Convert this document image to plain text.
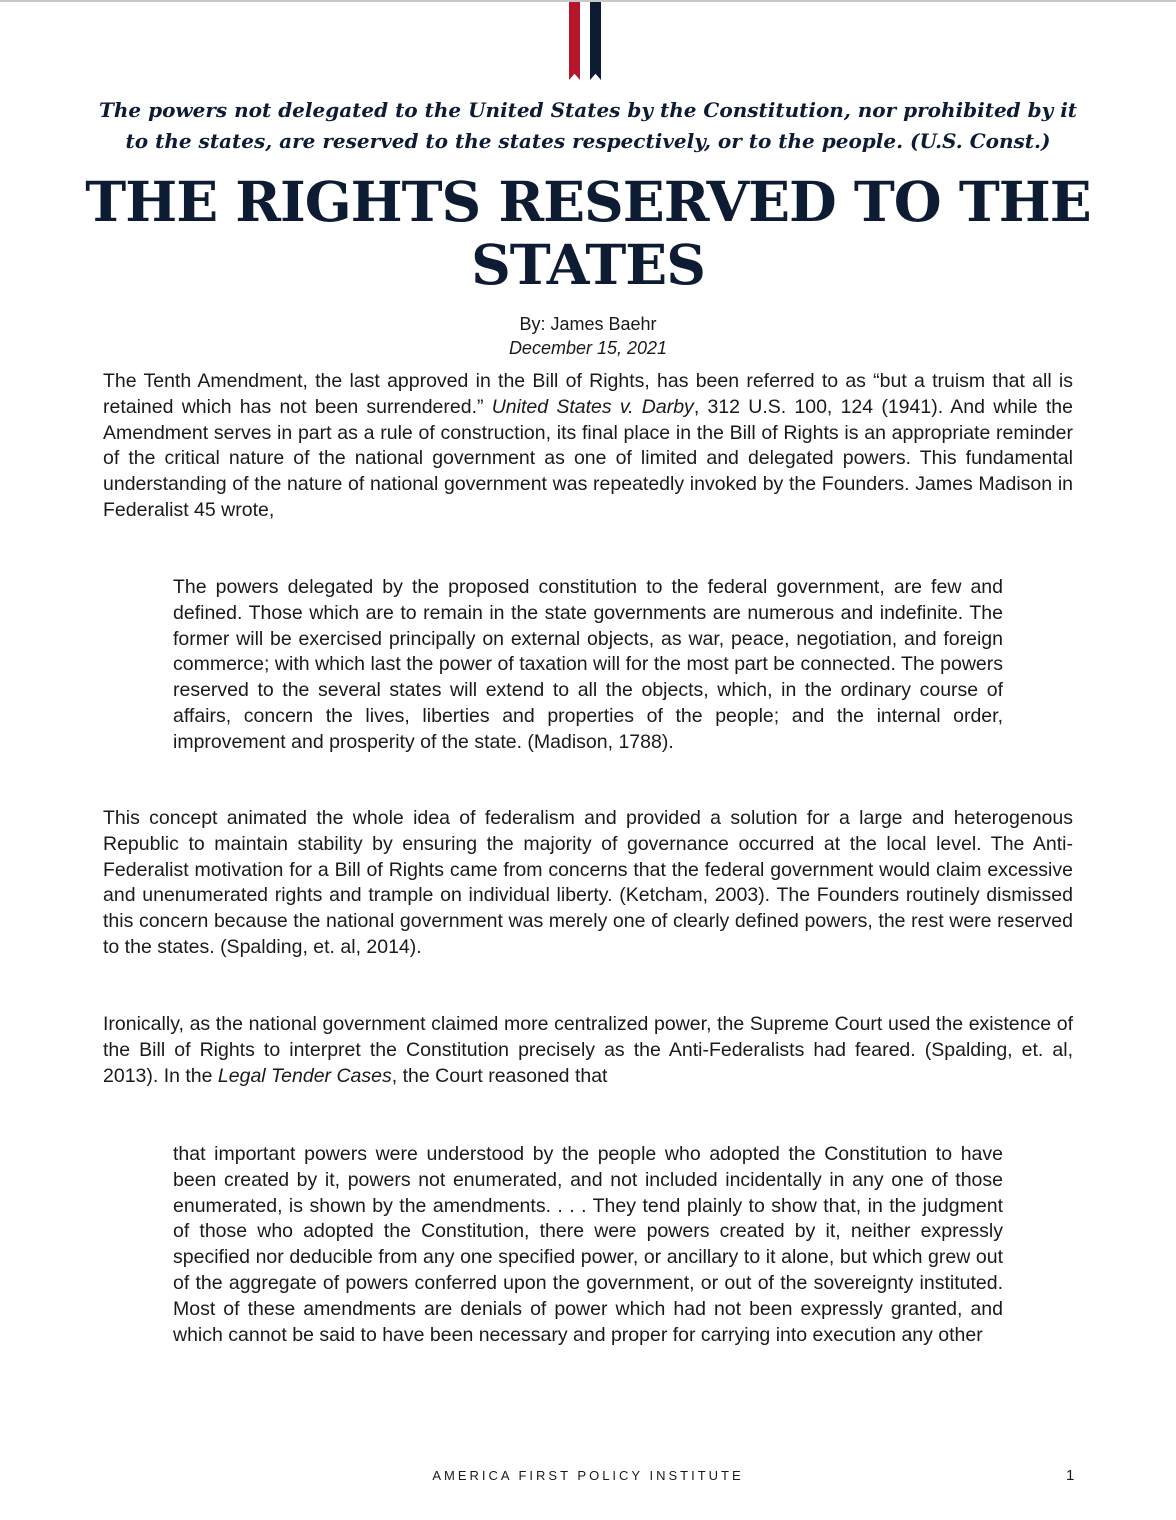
The powers not delegated to the United States by the Constitution, nor prohibited by it to the states, are reserved to the states respectively, or to the people. (U.S. Const.)

THE RIGHTS RESERVED TO THE STATES

By: James Baehr

December 15, 2021

The Tenth Amendment, the last approved in the Bill of Rights, has been referred to as “but a truism that all is retained which has not been surrendered.” United States v. Darby, 312 U.S. 100, 124 (1941). And while the Amendment serves in part as a rule of construction, its final place in the Bill of Rights is an appropriate reminder of the critical nature of the national government as one of limited and delegated powers. This fundamental understanding of the nature of national government was repeatedly invoked by the Founders. James Madison in Federalist 45 wrote,

The powers delegated by the proposed constitution to the federal government, are few and defined. Those which are to remain in the state governments are numerous and indefinite. The former will be exercised principally on external objects, as war, peace, negotiation, and foreign commerce; with which last the power of taxation will for the most part be connected. The powers reserved to the several states will extend to all the objects, which, in the ordinary course of affairs, concern the lives, liberties and properties of the people; and the internal order, improvement and prosperity of the state. (Madison, 1788).

This concept animated the whole idea of federalism and provided a solution for a large and heterogenous Republic to maintain stability by ensuring the majority of governance occurred at the local level. The Anti-Federalist motivation for a Bill of Rights came from concerns that the federal government would claim excessive and unenumerated rights and trample on individual liberty. (Ketcham, 2003). The Founders routinely dismissed this concern because the national government was merely one of clearly defined powers, the rest were reserved to the states. (Spalding, et. al, 2014).

Ironically, as the national government claimed more centralized power, the Supreme Court used the existence of the Bill of Rights to interpret the Constitution precisely as the Anti-Federalists had feared. (Spalding, et. al, 2013). In the Legal Tender Cases, the Court reasoned that

that important powers were understood by the people who adopted the Constitution to have been created by it, powers not enumerated, and not included incidentally in any one of those enumerated, is shown by the amendments. . . . They tend plainly to show that, in the judgment of those who adopted the Constitution, there were powers created by it, neither expressly specified nor deducible from any one specified power, or ancillary to it alone, but which grew out of the aggregate of powers conferred upon the government, or out of the sovereignty instituted. Most of these amendments are denials of power which had not been expressly granted, and which cannot be said to have been necessary and proper for carrying into execution any other

AMERICA FIRST POLICY INSTITUTE	1
